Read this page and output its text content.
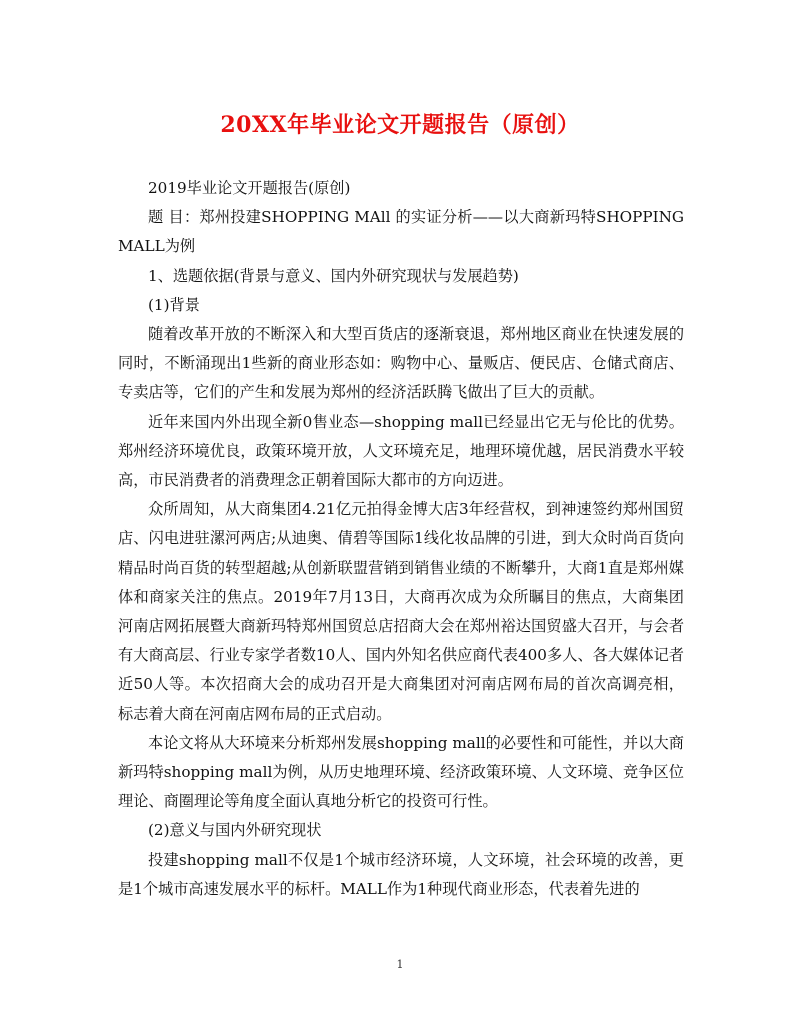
20XX年毕业论文开题报告（原创）

2019毕业论文开题报告(原创)

题 目：郑州投建SHOPPING MAll 的实证分析——以大商新玛特SHOPPING MALL为例

1、选题依据(背景与意义、国内外研究现状与发展趋势)

(1)背景

随着改革开放的不断深入和大型百货店的逐渐衰退，郑州地区商业在快速发展的同时，不断涌现出1些新的商业形态如：购物中心、量贩店、便民店、仓储式商店、专卖店等，它们的产生和发展为郑州的经济活跃腾飞做出了巨大的贡献。

近年来国内外出现全新0售业态—shopping mall已经显出它无与伦比的优势。郑州经济环境优良，政策环境开放，人文环境充足，地理环境优越，居民消费水平较高，市民消费者的消费理念正朝着国际大都市的方向迈进。

众所周知，从大商集团4.21亿元拍得金博大店3年经营权，到神速签约郑州国贸店、闪电进驻漯河两店;从迪奥、倩碧等国际1线化妆品牌的引进，到大众时尚百货向精品时尚百货的转型超越;从创新联盟营销到销售业绩的不断攀升，大商1直是郑州媒体和商家关注的焦点。2019年7月13日，大商再次成为众所瞩目的焦点，大商集团河南店网拓展暨大商新玛特郑州国贸总店招商大会在郑州裕达国贸盛大召开，与会者有大商高层、行业专家学者数10人、国内外知名供应商代表400多人、各大媒体记者近50人等。本次招商大会的成功召开是大商集团对河南店网布局的首次高调亮相，标志着大商在河南店网布局的正式启动。

本论文将从大环境来分析郑州发展shopping mall的必要性和可能性，并以大商新玛特shopping mall为例，从历史地理环境、经济政策环境、人文环境、竞争区位理论、商圈理论等角度全面认真地分析它的投资可行性。

(2)意义与国内外研究现状

投建shopping mall不仅是1个城市经济环境，人文环境，社会环境的改善，更是1个城市高速发展水平的标杆。MALL作为1种现代商业形态，代表着先进的

1
